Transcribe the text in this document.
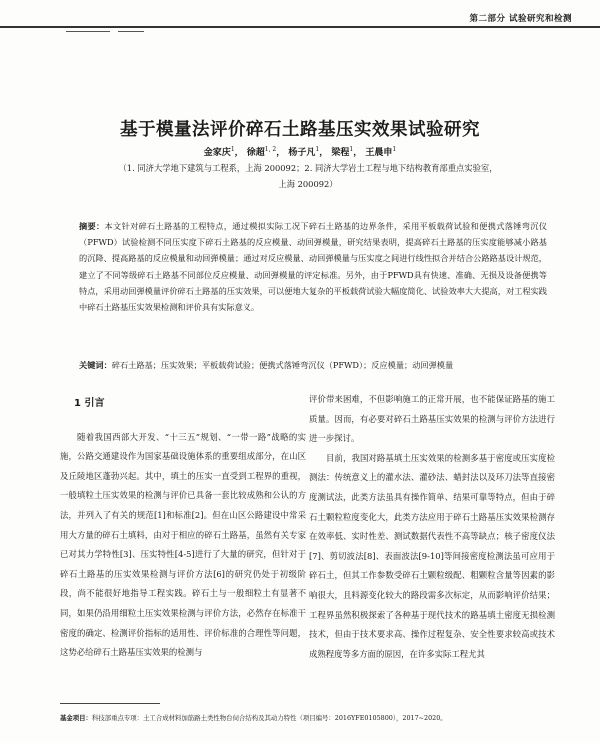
第二部分 试验研究和检测
基于模量法评价碎石土路基压实效果试验研究
金家庆$^1$， 徐超$^{1, 2}$， 杨子凡$^1$， 梁程$^1$， 王晨申$^1$
（1. 同济大学地下建筑与工程系，上海 200092；2. 同济大学岩土工程与地下结构教育部重点实验室，
上海 200092）
摘要：本文针对碎石土路基的工程特点，通过模拟实际工况下碎石土路基的边界条件，采用平板载荷试验和便携式落锤弯沉仪（PFWD）试验检测不同压实度下碎石土路基的反应模量、动回弹模量，研究结果表明，提高碎石土路基的压实度能够减小路基的沉降、提高路基的反应模量和动回弹模量；通过对反应模量、动回弹模量与压实度之间进行线性拟合并结合公路路基设计规范，建立了不同等级碎石土路基不同部位反应模量、动回弹模量的评定标准。另外，由于PFWD具有快速、准确、无损及设备便携等特点，采用动回弹模量评价碎石土路基的压实效果，可以便地大复杂的平板载荷试验大幅度简化、试验效率大大提高，对工程实践中碎石土路基压实效果检测和评价具有实际意义。
关键词：碎石土路基；压实效果；平板载荷试验；便携式落锤弯沉仪（PFWD）；反应模量；动回弹模量
1 引言

随着我国西部大开发、“十三五”规划、“一带一路”战略的实施，公路交通建设作为国家基础设施体系的重要组成部分，在山区及丘陵地区蓬勃兴起。其中，填土的压实一直受到工程界的重视，一般填粒土压实效果的检测与评价已具备一套比较成熟和公认的方法，并列入了有关的规范[1]和标准[2]。但在山区公路建设中常采用大方量的碎石土填料，由对于相应的碎石土路基，虽然有关专家已对其力学特性[3]、压实特性[4-5]进行了大量的研究，但针对于碎石土路基的压实效果检测与评价方法[6]的研究仍处于初级阶段，尚不能很好地指导工程实践。碎石土与一般细粒土有显著不同，如果仍沿用细粒土压实效果检测与评价方法，必然存在标准干密度的确定、检测评价指标的适用性、评价标准的合理性等问题，这势必给碎石土路基压实效果的检测与

评价带来困难，不但影响施工的正常开展，也不能保证路基的施工质量。因而，有必要对碎石土路基压实效果的检测与评价方法进行进一步探讨。

目前，我国对路基填土压实效果的检测多基于密度或压实度检测法：传统意义上的灌水法、灌砂法、蜡封法以及环刀法等直接密度测试法，此类方法虽具有操作简单、结果可靠等特点，但由于碎石土颗粒粒度变化大，此类方法应用于碎石土路基压实效果检测存在效率低、实时性差、测试数据代表性不高等缺点；核子密度仪法[7]、剪切波法[8]、表面波法[9-10]等间接密度检测法虽可应用于碎石土，但其工作参数受碎石土颗粒级配、粗颗粒含量等因素的影响很大，且料源变化较大的路段需多次标定，从而影响评价结果；工程界虽然积极探索了各种基于现代技术的路基填土密度无损检测技术，但由于技术要求高、操作过程复杂、安全性要求较高或技术成熟程度等多方面的原因，在许多实际工程尤其

基金项目：科技部重点专项：土工合成材料加筋路土类性物台伺合结构及其动力特性（项目编号：2016YFE0105800），2017~2020。
